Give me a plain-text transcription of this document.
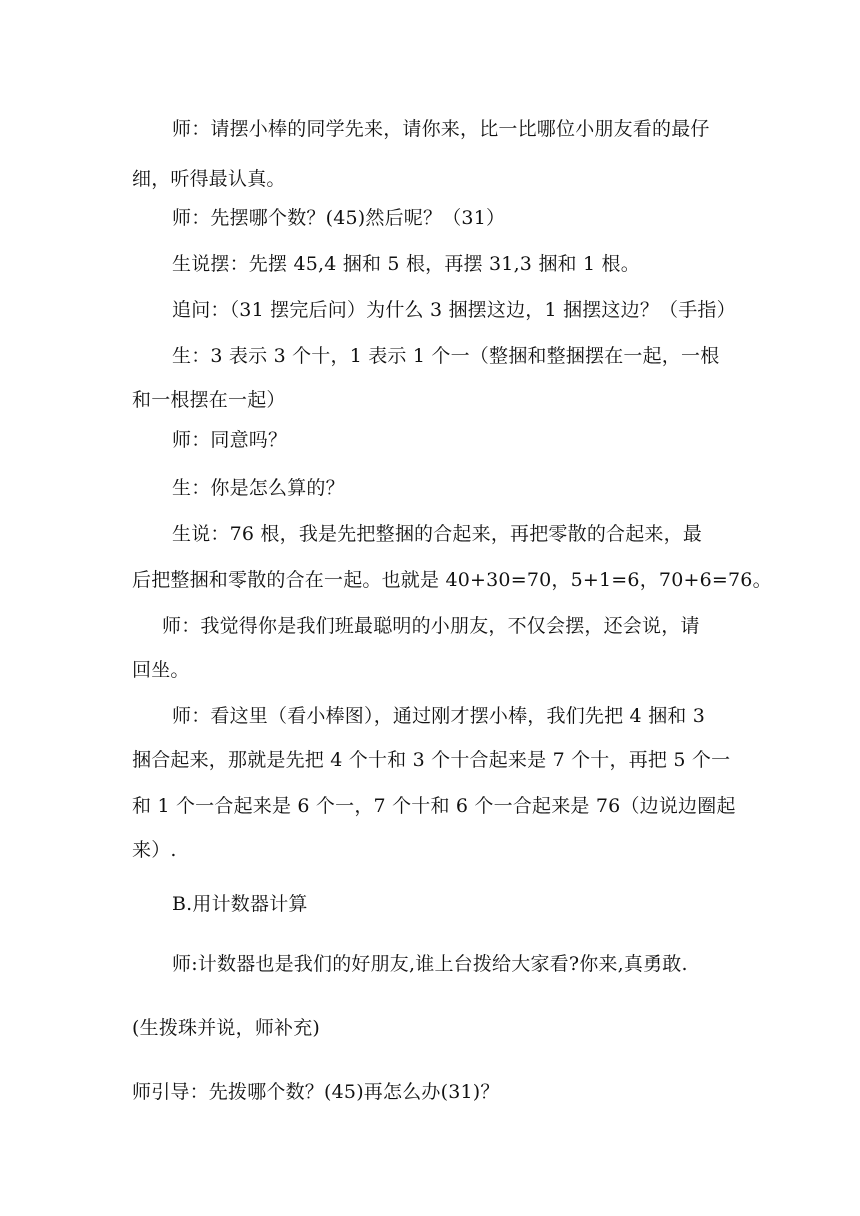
师：请摆小棒的同学先来，请你来，比一比哪位小朋友看的最仔
细，听得最认真。
师：先摆哪个数？(45)然后呢？（31）
生说摆：先摆 45,4 捆和 5 根，再摆 31,3 捆和 1 根。
追问：（31 摆完后问）为什么 3 捆摆这边，1 捆摆这边？（手指）
生：3 表示 3 个十，1 表示 1 个一（整捆和整捆摆在一起，一根
和一根摆在一起）
师：同意吗？
生：你是怎么算的？
生说：76 根，我是先把整捆的合起来，再把零散的合起来，最
后把整捆和零散的合在一起。也就是 40+30=70，5+1=6，70+6=76。
师：我觉得你是我们班最聪明的小朋友，不仅会摆，还会说，请
回坐。
师：看这里（看小棒图），通过刚才摆小棒，我们先把 4 捆和 3
捆合起来，那就是先把 4 个十和 3 个十合起来是 7 个十，再把 5 个一
和 1 个一合起来是 6 个一，7 个十和 6 个一合起来是 76（边说边圈起
来）.
B.用计数器计算
师:计数器也是我们的好朋友,谁上台拨给大家看?你来,真勇敢.
(生拨珠并说，师补充)
师引导：先拨哪个数？(45)再怎么办(31)？
